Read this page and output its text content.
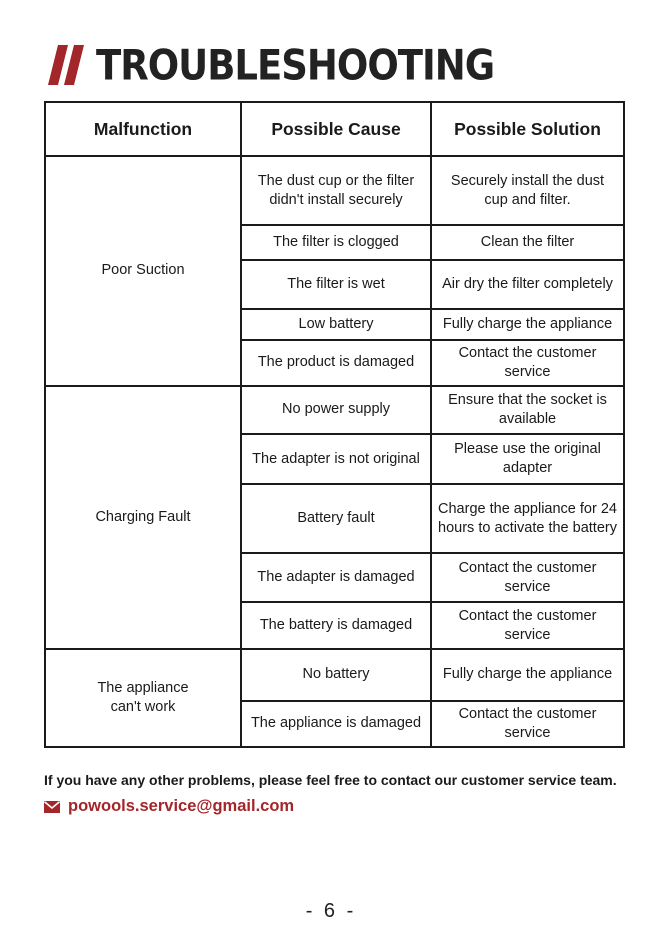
TROUBLESHOOTING
Malfunction	Possible Cause	Possible Solution
Poor Suction	The dust cup or the filter didn't install securely	Securely install the dust cup and filter.
	The filter is clogged	Clean the filter
	The filter is wet	Air dry the filter completely
	Low battery	Fully charge the appliance
	The product is damaged	Contact the customer service
Charging Fault	No power supply	Ensure that the socket is available
	The adapter is not original	Please use the original adapter
	Battery fault	Charge the appliance for 24 hours to activate the battery
	The adapter is damaged	Contact the customer service
	The battery is damaged	Contact the customer service
The appliance can't work	No battery	Fully charge the appliance
	The appliance is damaged	Contact the customer service
If you have any other problems, please feel free to contact our customer service team.
powools.service@gmail.com
- 6 -
